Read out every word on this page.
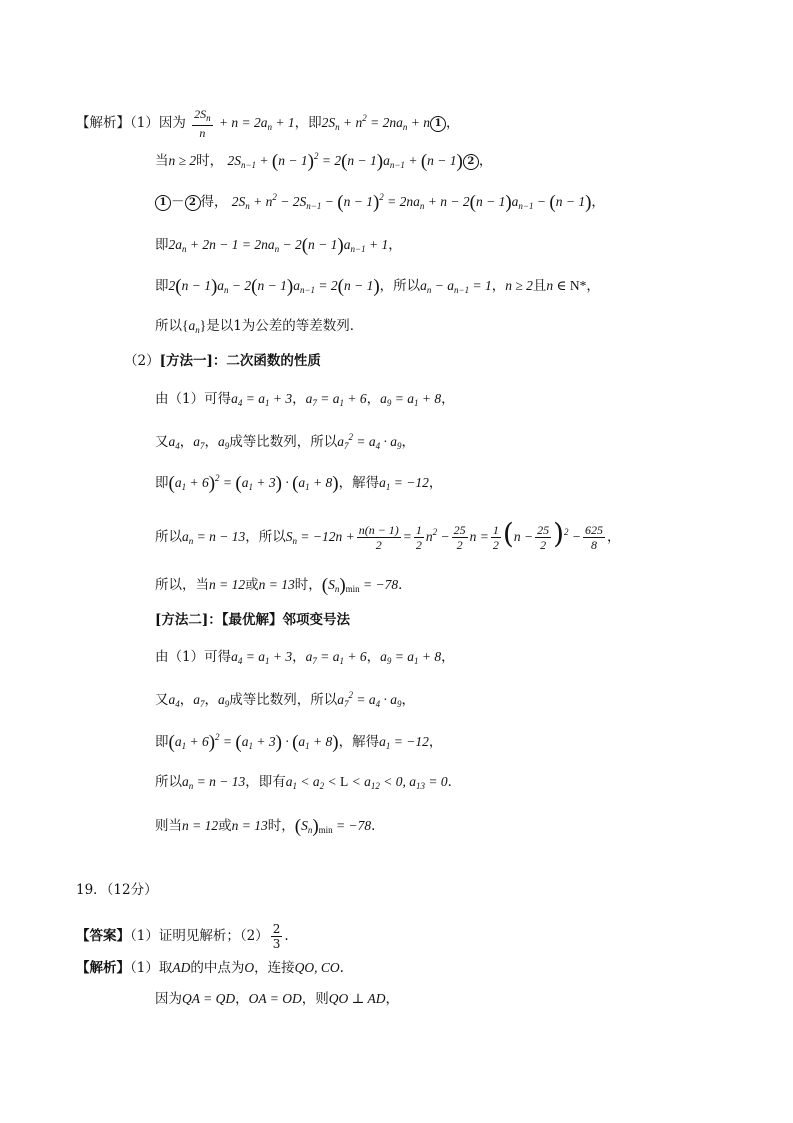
【解析】（1）因为 $\frac{2S_n}{n} + n = 2a_n + 1$，即$2S_n + n^2 = 2na_n + n$ 1 ，
当n ≥ 2时， $2S_{n-1} + (n - 1)^2 = 2(n - 1)a_{n-1} + (n - 1)$ 2 ，
1 － 2 得， $2S_n + n^2 - 2S_{n-1} - (n - 1)^2 = 2na_n + n - 2(n - 1)a_{n-1} - (n - 1)$，
即$2a_n + 2n - 1 = 2na_n - 2(n - 1)a_{n-1} + 1$，
即$2(n - 1)a_n - 2(n - 1)a_{n-1} = 2(n - 1)$，所以$a_n - a_{n-1} = 1$，n ≥ 2且n ∈ N*，
所以$\{a_n\}$是以1为公差的等差数列．
（2）[方法一]：二次函数的性质
由（1）可得$a_4 = a_1 + 3$，$a_7 = a_1 + 6$，$a_9 = a_1 + 8$，
又$a_4$，$a_7$，$a_9$成等比数列，所以$a_7^2 = a_4 \cdot a_9$，
即$(a_1 + 6)^2 = (a_1 + 3) \cdot (a_1 + 8)$，解得$a_1 = -12$，
所以$a_n = n - 13$，所以$S_n = -12n + \frac{n(n - 1)}{2} = \frac{1}{2} n^2 - \frac{25}{2}$ $n = \frac{1}{2} (n - \frac{25}{2} )^2 - \frac{625}{8}$ ，
所以，当n = 12或n = 13时，$(S_n)_{min} = -78$．
[方法二]：【最优解】邻项变号法
由（1）可得$a_4 = a_1 + 3$，$a_7 = a_1 + 6$，$a_9 = a_1 + 8$，
又$a_4$，$a_7$，$a_9$成等比数列，所以$a_7^2 = a_4 \cdot a_9$，
即$(a_1 + 6)^2 = (a_1 + 3) \cdot (a_1 + 8)$，解得$a_1 = -12$，
所以$a_n = n - 13$，即有$a_1 < a_2 < L < a_{12} < 0$, $a_{13} = 0$．
则当n = 12或n = 13时，$(S_n)_{min} = -78$．
19．（12分）
【答案】（1）证明见解析；$(2) \frac{2}{3}$ .
【解析】（1）取AD的中点为O，连接QO, CO.
因为QA = QD，OA = OD，则QO ⊥ AD，
